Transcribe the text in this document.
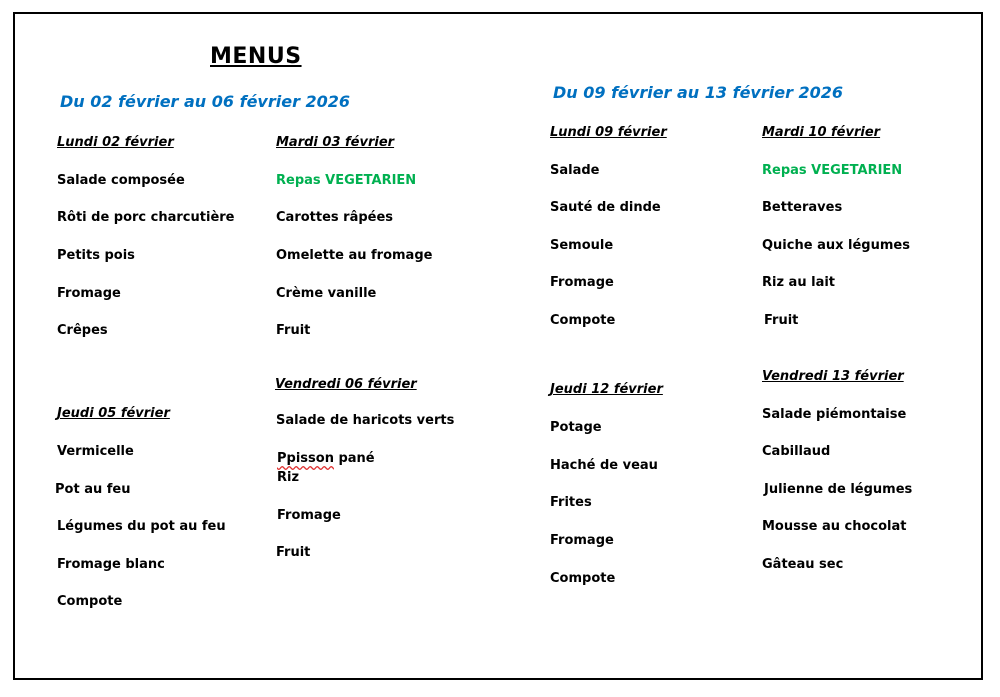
MENUS
Du 02 février au 06 février 2026
Lundi 02 février
Salade composée
Rôti de porc charcutière
Petits pois
Fromage
Crêpes
Mardi 03 février
Repas VEGETARIEN
Carottes râpées
Omelette au fromage
Crème vanille
Fruit
Jeudi 05 février
Vermicelle
Pot au feu
Légumes du pot au feu
Fromage blanc
Compote
Vendredi 06 février
Salade de haricots verts
Ppisson pané
Riz
Fromage
Fruit
Du 09 février au 13 février 2026
Lundi 09 février
Salade
Sauté de dinde
Semoule
Fromage
Compote
Mardi 10 février
Repas VEGETARIEN
Betteraves
Quiche aux légumes
Riz au lait
Fruit
Jeudi 12 février
Potage
Haché de veau
Frites
Fromage
Compote
Vendredi 13 février
Salade piémontaise
Cabillaud
Julienne de légumes
Mousse au chocolat
Gâteau sec
